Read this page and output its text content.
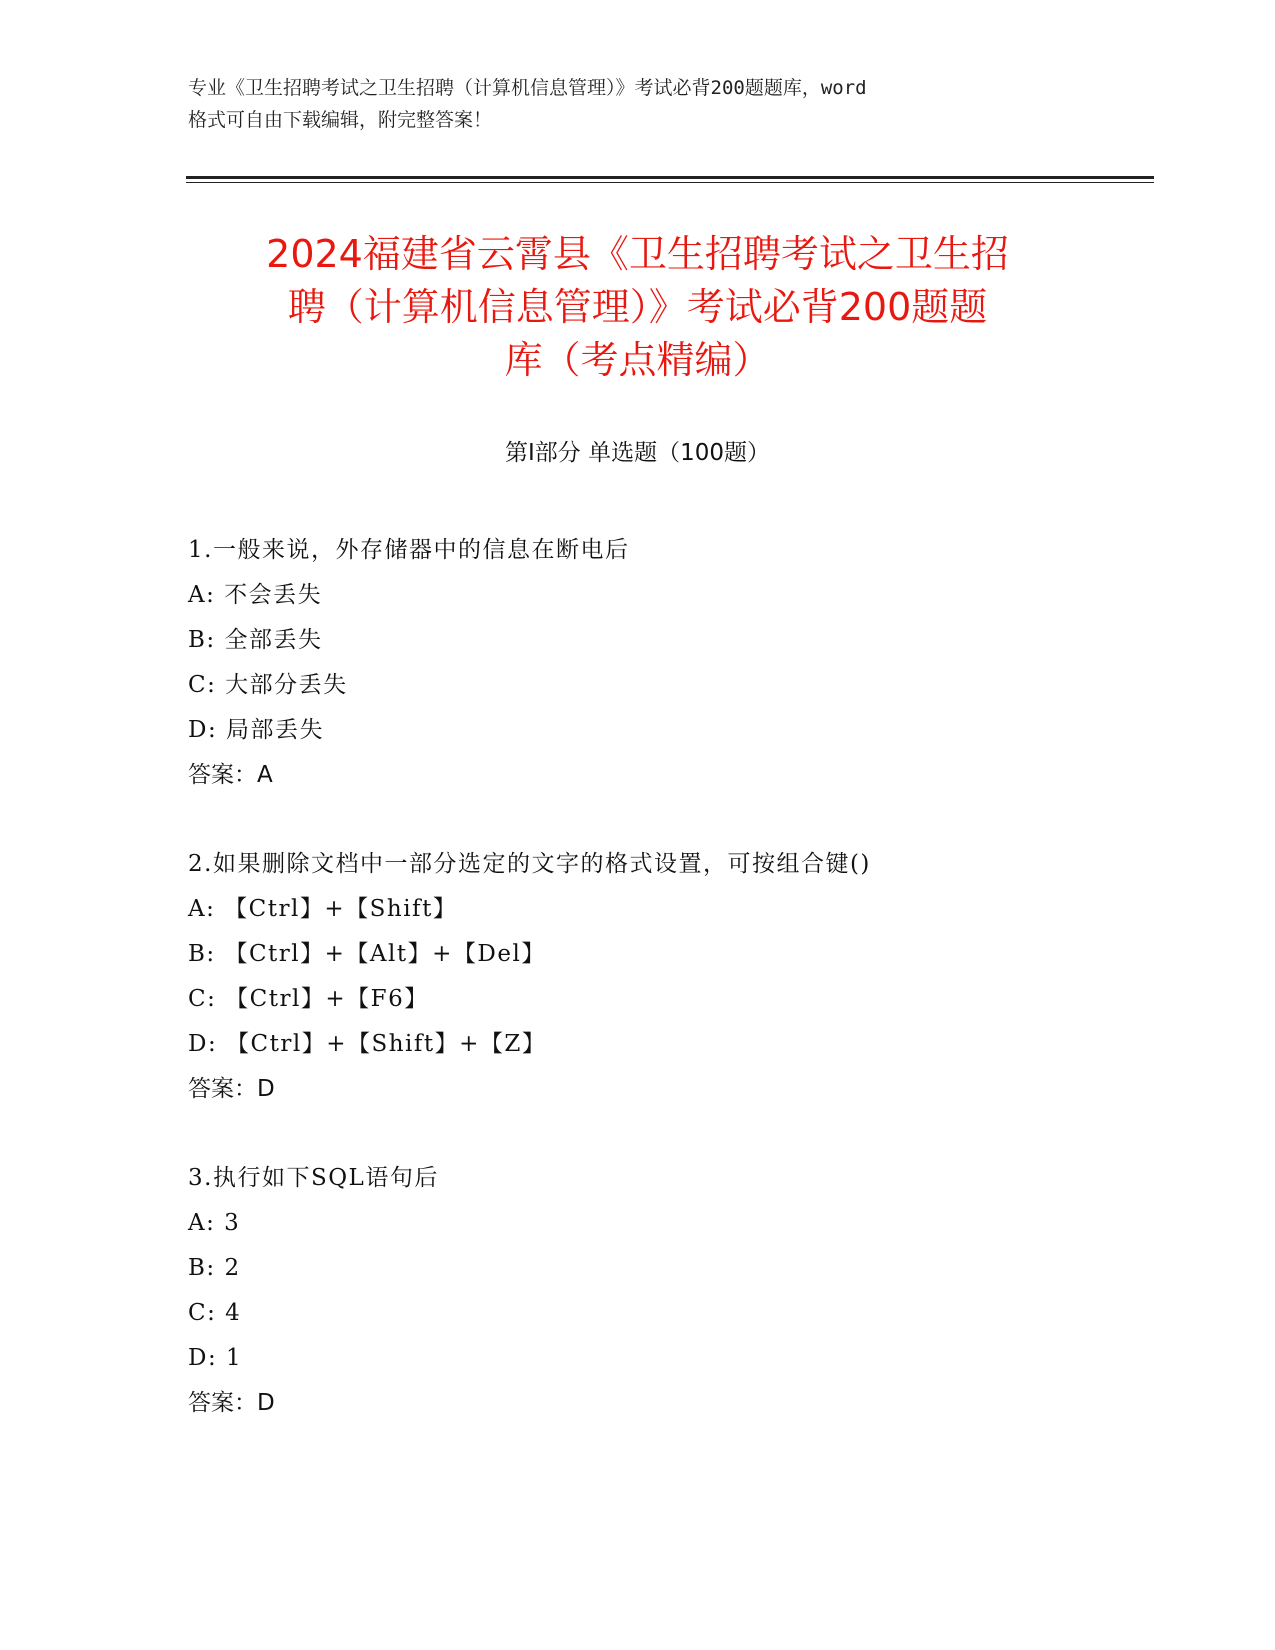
专业《卫生招聘考试之卫生招聘（计算机信息管理）》考试必背200题题库，word
格式可自由下载编辑，附完整答案！
2024福建省云霄县《卫生招聘考试之卫生招
聘（计算机信息管理）》考试必背200题题
库（考点精编）
第Ⅰ部分 单选题（100题）
1.一般来说，外存储器中的信息在断电后
A: 不会丢失
B: 全部丢失
C: 大部分丢失
D: 局部丢失
答案：A
2.如果删除文档中一部分选定的文字的格式设置，可按组合键()
A: 【Ctrl】+【Shift】
B: 【Ctrl】+【Alt】+【Del】
C: 【Ctrl】+【F6】
D: 【Ctrl】+【Shift】+【Z】
答案：D
3.执行如下SQL语句后
A: 3
B: 2
C: 4
D: 1
答案：D
